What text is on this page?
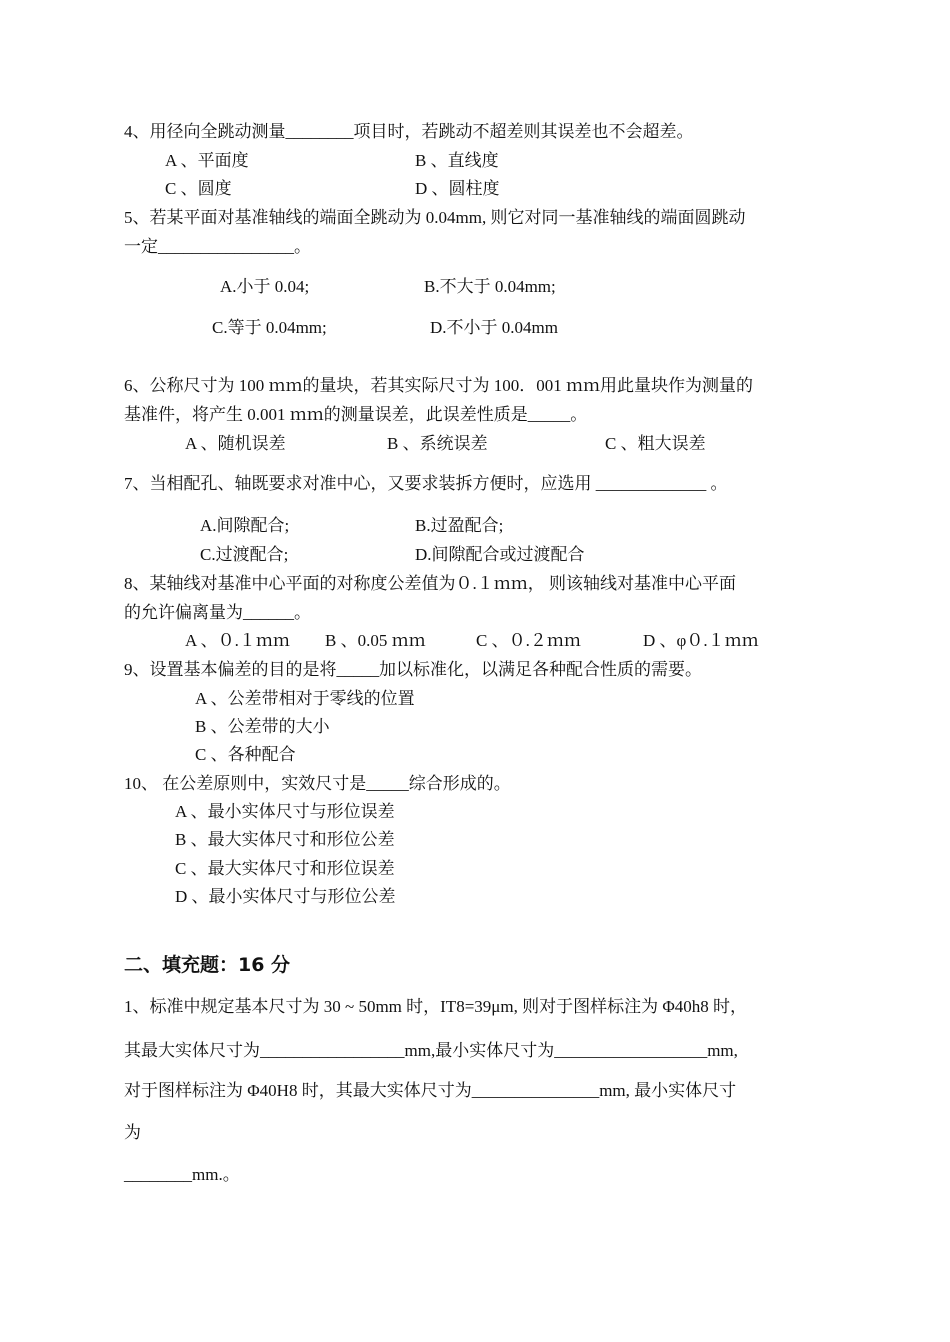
4、用径向全跳动测量________项目时，若跳动不超差则其误差也不会超差。
A 、平面度	B 、直线度
C 、圆度	D 、圆柱度
5、若某平面对基准轴线的端面全跳动为 0.04mm, 则它对同一基准轴线的端面圆跳动
一定________________。
A.小于 0.04;	B.不大于 0.04mm;
C.等于 0.04mm;	D.不小于 0.04mm
6、公称尺寸为 100 ｍｍ的量块，若其实际尺寸为 100．001 ｍｍ用此量块作为测量的
基准件，将产生 0.001 ｍｍ的测量误差，此误差性质是_____。
A 、随机误差	B 、系统误差	C 、粗大误差
7、当相配孔、轴既要求对准中心，又要求装拆方便时，应选用 _____________ 。
A.间隙配合;	B.过盈配合;
C.过渡配合;	D.间隙配合或过渡配合
8、某轴线对基准中心平面的对称度公差值为０.１ｍｍ， 则该轴线对基准中心平面
的允许偏离量为______。
A 、０.１ｍｍ B 、0.05 ｍｍ	C 、０.２ｍｍ	D 、φ０.１ｍｍ
9、设置基本偏差的目的是将_____加以标准化，以满足各种配合性质的需要。
A 、公差带相对于零线的位置
B 、公差带的大小
C 、各种配合
10、 在公差原则中，实效尺寸是_____综合形成的。
A 、最小实体尺寸与形位误差
B 、最大实体尺寸和形位公差
C 、最大实体尺寸和形位误差
D 、最小实体尺寸与形位公差
二、填充题：16 分
1、标准中规定基本尺寸为 30 ~ 50mm 时，IT8=39μm, 则对于图样标注为 Φ40h8 时，
其最大实体尺寸为_________________mm,最小实体尺寸为__________________mm,
对于图样标注为 Φ40H8 时，其最大实体尺寸为_______________mm, 最小实体尺寸
为
________mm.。
